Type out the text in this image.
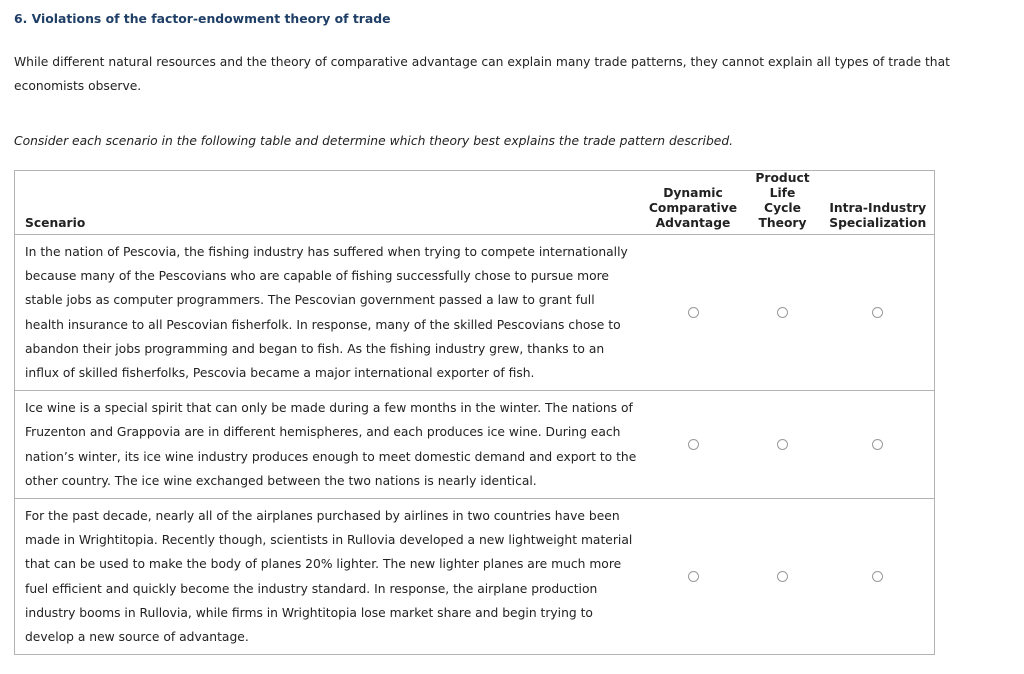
6. Violations of the factor-endowment theory of trade
While different natural resources and the theory of comparative advantage can explain many trade patterns, they cannot explain all types of trade that economists observe.
Consider each scenario in the following table and determine which theory best explains the trade pattern described.
Scenario	Dynamic Comparative Advantage	Product Life Cycle Theory	Intra-Industry Specialization

In the nation of Pescovia, the fishing industry has suffered when trying to compete internationally because many of the Pescovians who are capable of fishing successfully chose to pursue more stable jobs as computer programmers. The Pescovian government passed a law to grant full health insurance to all Pescovian fisherfolk. In response, many of the skilled Pescovians chose to abandon their jobs programming and began to fish. As the fishing industry grew, thanks to an influx of skilled fisherfolks, Pescovia became a major international exporter of fish.			

Ice wine is a special spirit that can only be made during a few months in the winter. The nations of Fruzenton and Grappovia are in different hemispheres, and each produces ice wine. During each nation’s winter, its ice wine industry produces enough to meet domestic demand and export to the other country. The ice wine exchanged between the two nations is nearly identical.			

For the past decade, nearly all of the airplanes purchased by airlines in two countries have been made in Wrightitopia. Recently though, scientists in Rullovia developed a new lightweight material that can be used to make the body of planes 20% lighter. The new lighter planes are much more fuel efficient and quickly become the industry standard. In response, the airplane production industry booms in Rullovia, while firms in Wrightitopia lose market share and begin trying to develop a new source of advantage.			
